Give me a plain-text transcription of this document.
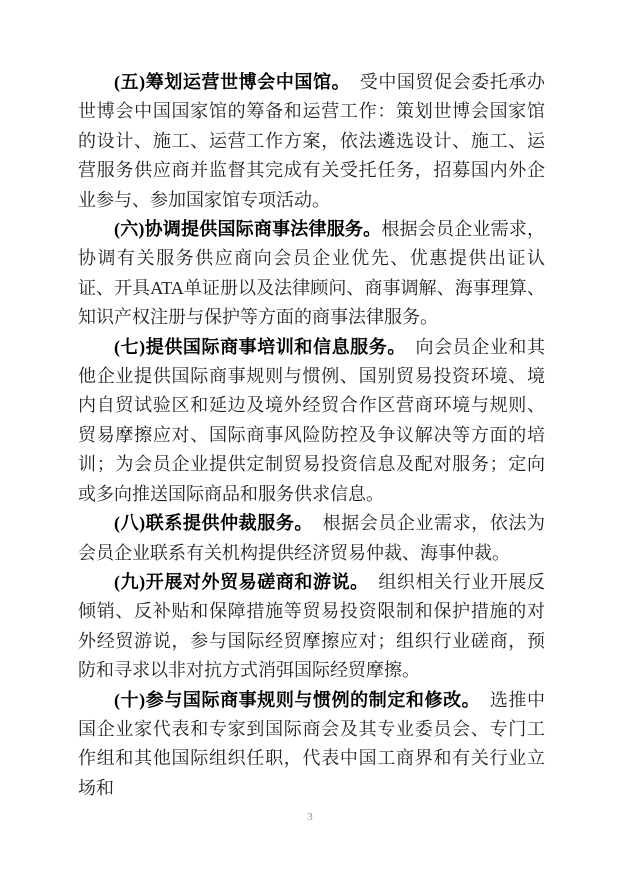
(五)筹划运营世博会中国馆。　受中国贸促会委托承办世博会中国国家馆的筹备和运营工作：策划世博会国家馆的设计、施工、运营工作方案，依法遴选设计、施工、运营服务供应商并监督其完成有关受托任务，招募国内外企业参与、参加国家馆专项活动。

(六)协调提供国际商事法律服务。根据会员企业需求，协调有关服务供应商向会员企业优先、优惠提供出证认证、开具ATA单证册以及法律顾问、商事调解、海事理算、知识产权注册与保护等方面的商事法律服务。

(七)提供国际商事培训和信息服务。　向会员企业和其他企业提供国际商事规则与惯例、国别贸易投资环境、境内自贸试验区和延边及境外经贸合作区营商环境与规则、贸易摩擦应对、国际商事风险防控及争议解决等方面的培训；为会员企业提供定制贸易投资信息及配对服务；定向或多向推送国际商品和服务供求信息。

(八)联系提供仲裁服务。　根据会员企业需求，依法为会员企业联系有关机构提供经济贸易仲裁、海事仲裁。

(九)开展对外贸易磋商和游说。　组织相关行业开展反倾销、反补贴和保障措施等贸易投资限制和保护措施的对外经贸游说，参与国际经贸摩擦应对；组织行业磋商，预防和寻求以非对抗方式消弭国际经贸摩擦。

(十)参与国际商事规则与惯例的制定和修改。　选推中国企业家代表和专家到国际商会及其专业委员会、专门工作组和其他国际组织任职，代表中国工商界和有关行业立场和

3
